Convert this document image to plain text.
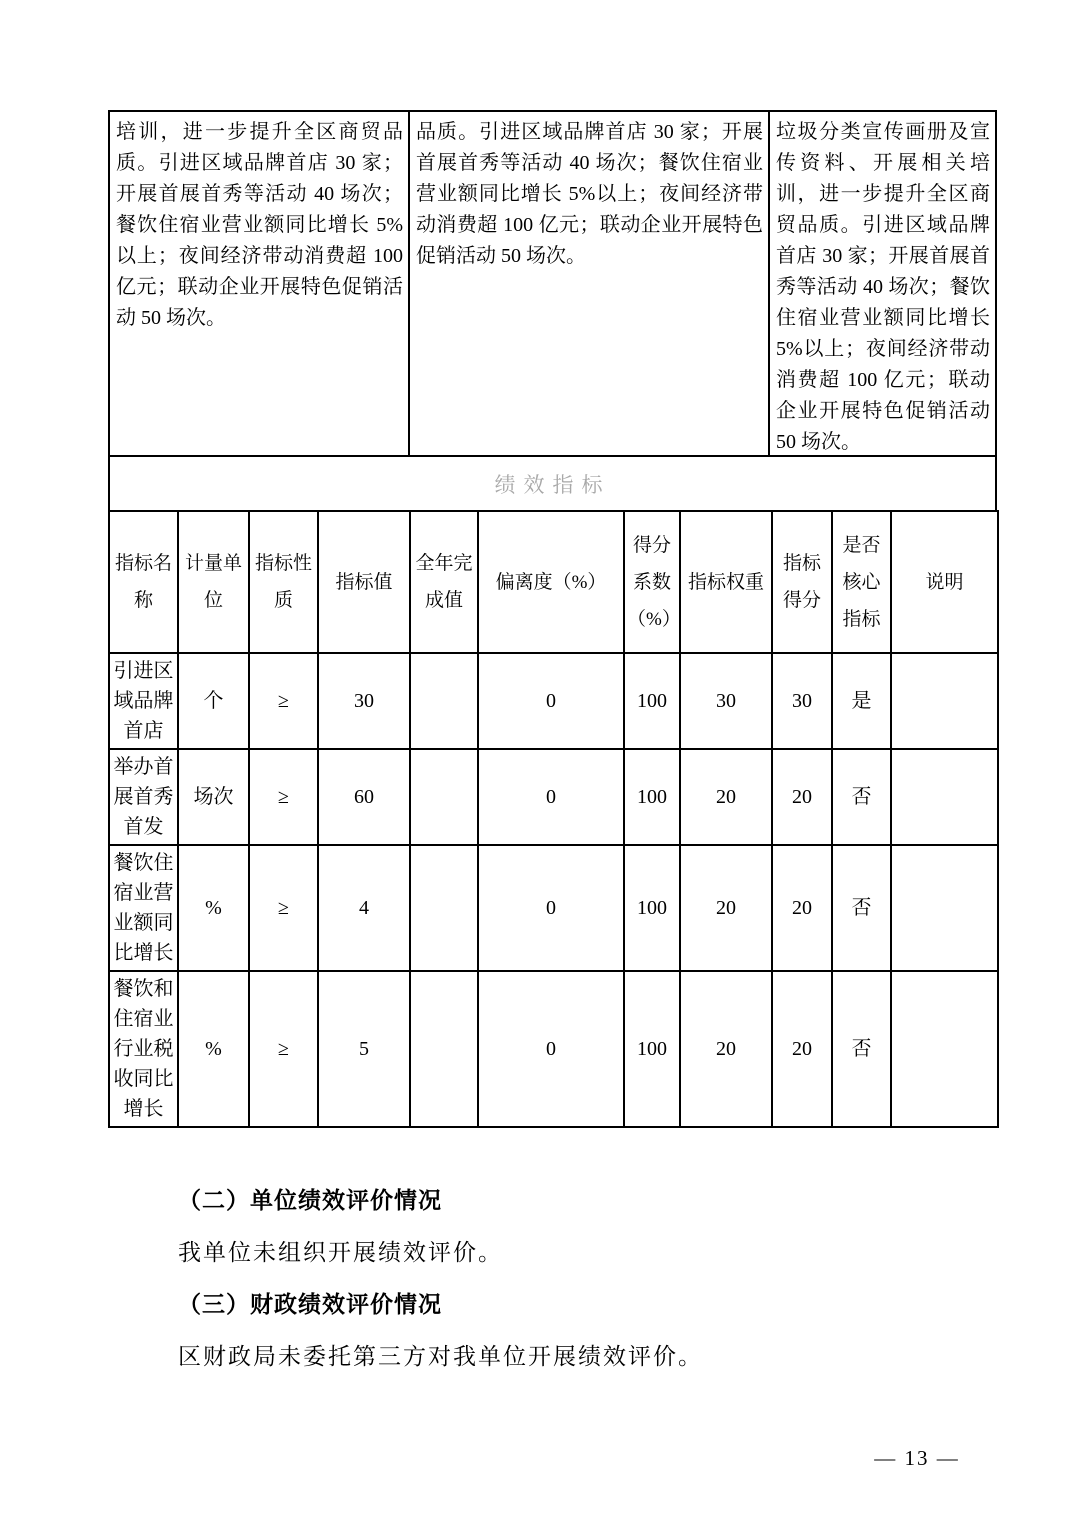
培训，进一步提升全区商贸品质。引进区域品牌首店 30 家；开展首展首秀等活动 40 场次；餐饮住宿业营业额同比增长 5%以上；夜间经济带动消费超 100 亿元；联动企业开展特色促销活动 50 场次。
品质。引进区域品牌首店 30 家；开展首展首秀等活动 40 场次；餐饮住宿业营业额同比增长 5%以上；夜间经济带动消费超 100 亿元；联动企业开展特色促销活动 50 场次。
垃圾分类宣传画册及宣传资料、开展相关培训，进一步提升全区商贸品质。引进区域品牌首店 30 家；开展首展首秀等活动 40 场次；餐饮住宿业营业额同比增长 5%以上；夜间经济带动消费超 100 亿元；联动企业开展特色促销活动 50 场次。
绩效指标
指标名称	计量单位	指标性质	指标值	全年完成值	偏离度（%）	得分系数（%）	指标权重	指标得分	是否核心指标	说明
引进区域品牌首店	个	≥	30		0	100	30	30	是	
举办首展首秀首发	场次	≥	60		0	100	20	20	否	
餐饮住宿业营业额同比增长	%	≥	4		0	100	20	20	否	
餐饮和住宿业行业税收同比增长	%	≥	5		0	100	20	20	否	
（二）单位绩效评价情况
我单位未组织开展绩效评价。
（三）财政绩效评价情况
区财政局未委托第三方对我单位开展绩效评价。
— 13 —
